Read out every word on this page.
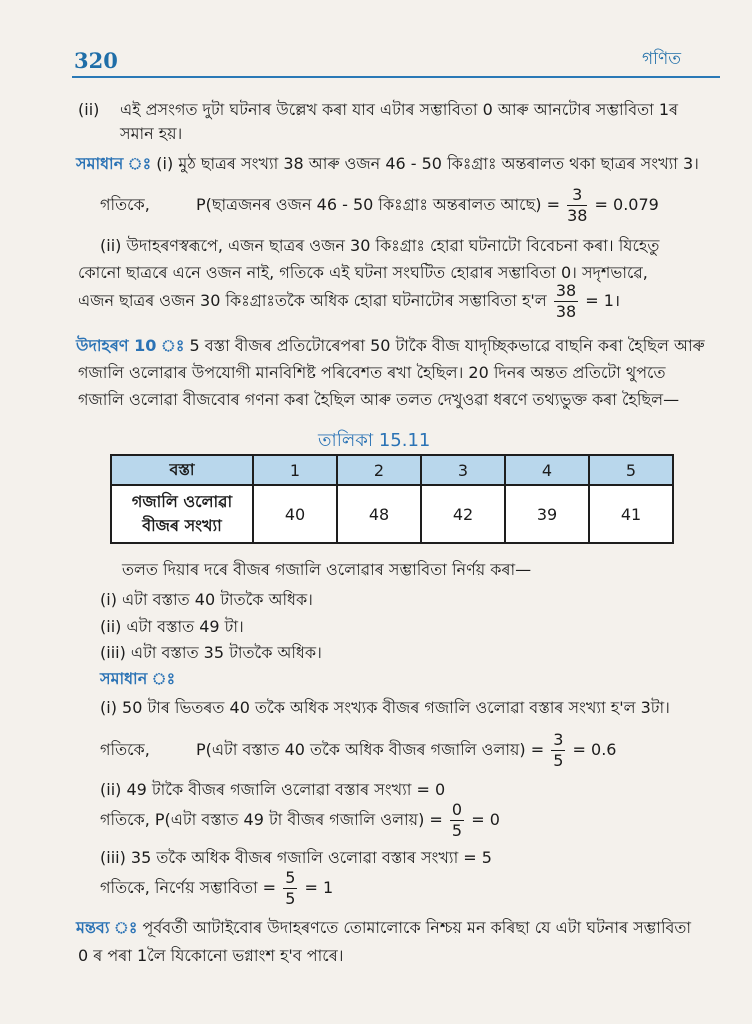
320	গণিত
(ii) এই প্ৰসংগত দুটা ঘটনাৰ উল্লেখ কৰা যাব এটাৰ সম্ভাবিতা 0 আৰু আনটোৰ সম্ভাবিতা 1ৰ
সমান হয়।
সমাধান ঃ (i) মুঠ ছাত্ৰৰ সংখ্যা 38 আৰু ওজন 46 - 50 কিঃগ্ৰাঃ অন্তৰালত থকা ছাত্ৰৰ সংখ্যা 3।
গতিকে,	P(ছাত্ৰজনৰ ওজন 46 - 50 কিঃগ্ৰাঃ অন্তৰালত আছে) = $\frac{3}{38} = 0.079$
(ii) উদাহৰণস্বৰূপে, এজন ছাত্ৰৰ ওজন 30 কিঃগ্ৰাঃ হোৱা ঘটনাটো বিবেচনা কৰা। যিহেতু
কোনো ছাত্ৰৰে এনে ওজন নাই, গতিকে এই ঘটনা সংঘটিত হোৱাৰ সম্ভাবিতা 0। সদৃশভাৱে,
এজন ছাত্ৰৰ ওজন 30 কিঃগ্ৰাঃতকৈ অধিক হোৱা ঘটনাটোৰ সম্ভাবিতা হ'ল $\frac{38}{38}$ = 1।
উদাহৰণ 10 ঃ 5 বস্তা বীজৰ প্ৰতিটোৰেপৰা 50 টাকৈ বীজ যাদৃচ্ছিকভাৱে বাছনি কৰা হৈছিল আৰু
গজালি ওলোৱাৰ উপযোগী মানবিশিষ্ট পৰিবেশত ৰখা হৈছিল। 20 দিনৰ অন্তত প্ৰতিটো থুপতে
গজালি ওলোৱা বীজবোৰ গণনা কৰা হৈছিল আৰু তলত দেখুওৱা ধৰণে তথ্যভুক্ত কৰা হৈছিল—
তালিকা 15.11
বস্তা	1	2	3	4	5

গজালি ওলোৱা
বীজৰ সংখ্যা	40	48	42	39	41
তলত দিয়াৰ দৰে বীজৰ গজালি ওলোৱাৰ সম্ভাবিতা নিৰ্ণয় কৰা—
(i) এটা বস্তাত 40 টাতকৈ অধিক।
(ii) এটা বস্তাত 49 টা।
(iii) এটা বস্তাত 35 টাতকৈ অধিক।
সমাধান ঃ
(i) 50 টাৰ ভিতৰত 40 তকৈ অধিক সংখ্যক বীজৰ গজালি ওলোৱা বস্তাৰ সংখ্যা হ'ল 3টা।
গতিকে,	P(এটা বস্তাত 40 তকৈ অধিক বীজৰ গজালি ওলায়) = $\frac{3}{5} = 0.6$
(ii) 49 টাকৈ বীজৰ গজালি ওলোৱা বস্তাৰ সংখ্যা = 0
গতিকে, P(এটা বস্তাত 49 টা বীজৰ গজালি ওলায়) = $\frac{0}{5} = 0$
(iii) 35 তকৈ অধিক বীজৰ গজালি ওলোৱা বস্তাৰ সংখ্যা = 5
গতিকে, নিৰ্ণেয় সম্ভাবিতা = $\frac{5}{5} = 1$
মন্তব্য ঃ পূৰ্ববৰ্তী আটাইবোৰ উদাহৰণতে তোমালোকে নিশ্চয় মন কৰিছা যে এটা ঘটনাৰ সম্ভাবিতা
0 ৰ পৰা 1লৈ যিকোনো ভগ্নাংশ হ'ব পাৰে।
